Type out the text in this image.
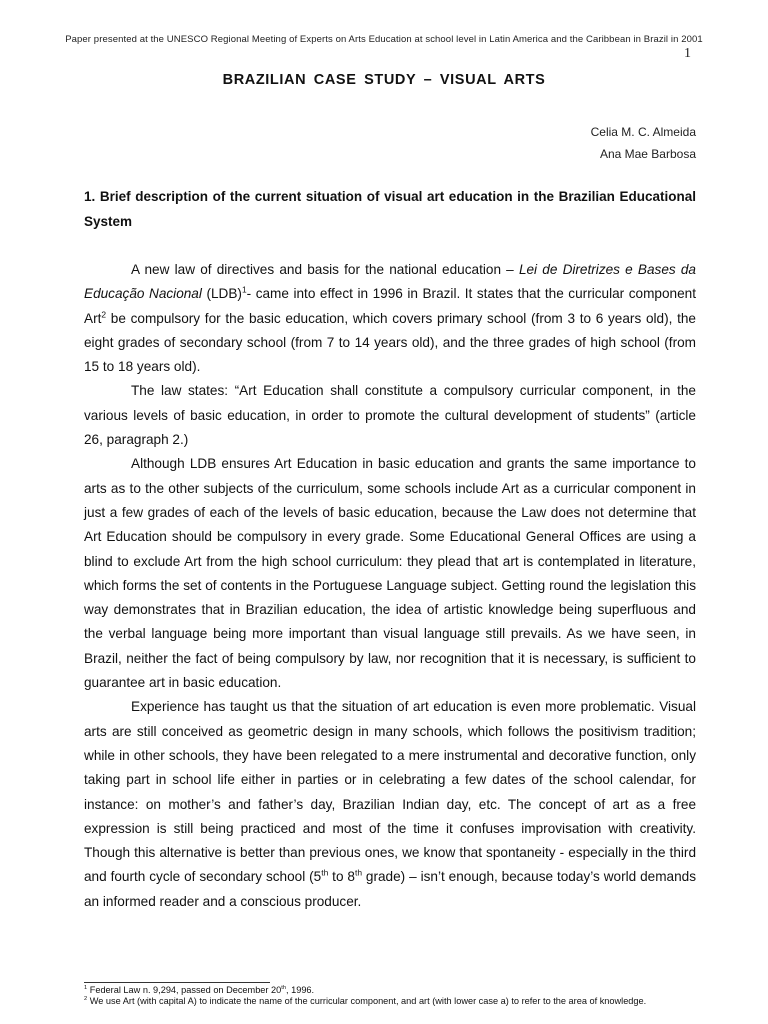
Paper presented at the UNESCO Regional Meeting of Experts on Arts Education at school level in Latin America and the Caribbean in Brazil in 2001
1
BRAZILIAN CASE STUDY – VISUAL ARTS
Celia M. C. Almeida
Ana Mae Barbosa
1. Brief description of the current situation of visual art education in the Brazilian Educational System

A new law of directives and basis for the national education – Lei de Diretrizes e Bases da Educação Nacional (LDB)$^1$- came into effect in 1996 in Brazil. It states that the curricular component Art$^2$ be compulsory for the basic education, which covers primary school (from 3 to 6 years old), the eight grades of secondary school (from 7 to 14 years old), and the three grades of high school (from 15 to 18 years old).

The law states: “Art Education shall constitute a compulsory curricular component, in the various levels of basic education, in order to promote the cultural development of students” (article 26, paragraph 2.)

Although LDB ensures Art Education in basic education and grants the same importance to arts as to the other subjects of the curriculum, some schools include Art as a curricular component in just a few grades of each of the levels of basic education, because the Law does not determine that Art Education should be compulsory in every grade. Some Educational General Offices are using a blind to exclude Art from the high school curriculum: they plead that art is contemplated in literature, which forms the set of contents in the Portuguese Language subject. Getting round the legislation this way demonstrates that in Brazilian education, the idea of artistic knowledge being superfluous and the verbal language being more important than visual language still prevails. As we have seen, in Brazil, neither the fact of being compulsory by law, nor recognition that it is necessary, is sufficient to guarantee art in basic education.

Experience has taught us that the situation of art education is even more problematic. Visual arts are still conceived as geometric design in many schools, which follows the positivism tradition; while in other schools, they have been relegated to a mere instrumental and decorative function, only taking part in school life either in parties or in celebrating a few dates of the school calendar, for instance: on mother’s and father’s day, Brazilian Indian day, etc. The concept of art as a free expression is still being practiced and most of the time it confuses improvisation with creativity. Though this alternative is better than previous ones, we know that spontaneity - especially in the third and fourth cycle of secondary school (5th to 8th grade) – isn’t enough, because today’s world demands an informed reader and a conscious producer.

$^1$ Federal Law n. 9,294, passed on December 20th, 1996.

$^2$ We use Art (with capital A) to indicate the name of the curricular component, and art (with lower case a) to refer to the area of knowledge.
